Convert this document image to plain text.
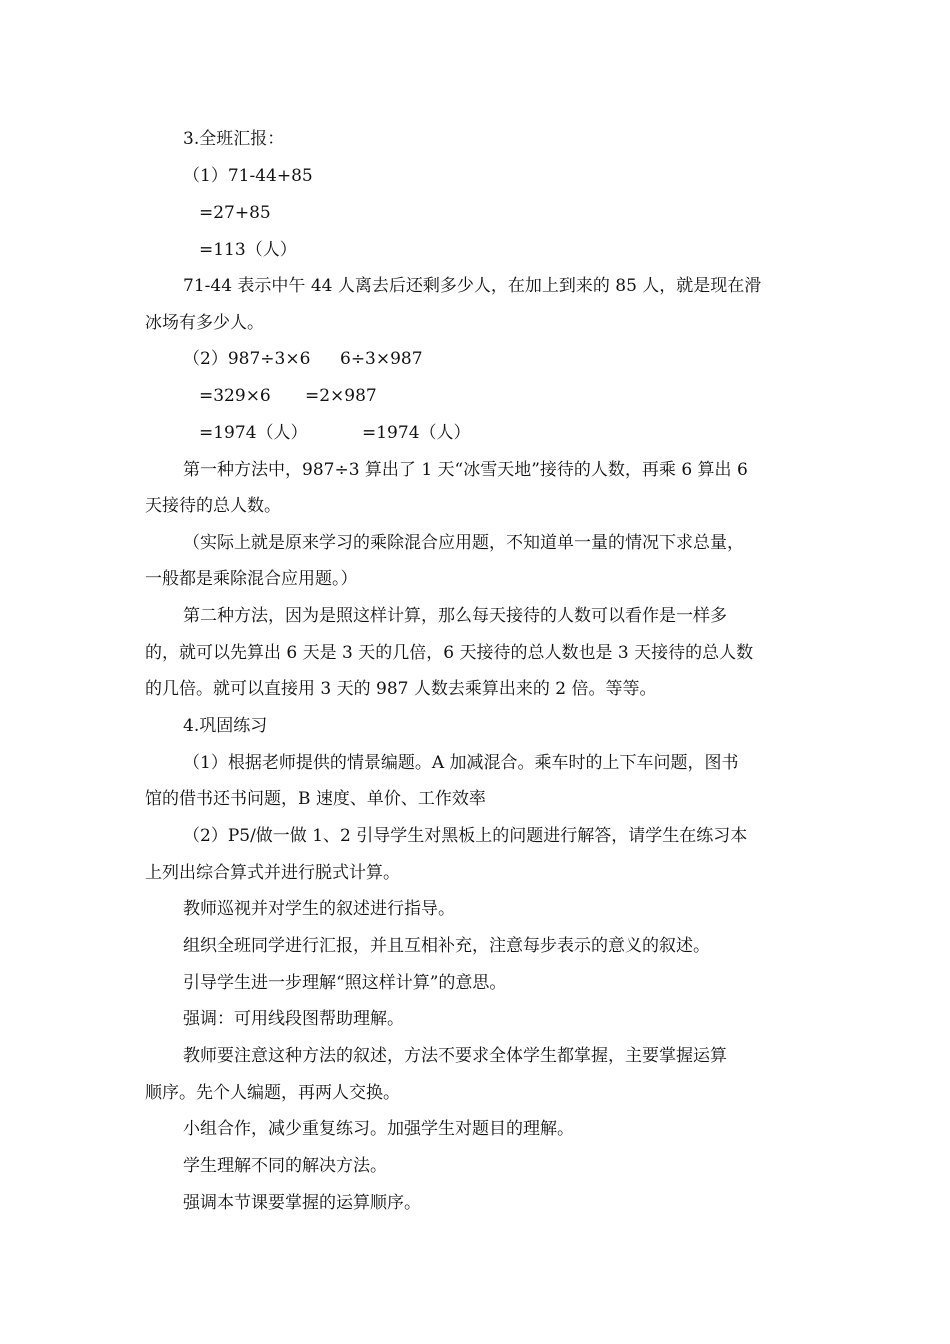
3.全班汇报：
（1）71-44+85
=27+85
=113（人）
71-44 表示中午 44 人离去后还剩多少人，在加上到来的 85 人，就是现在滑
冰场有多少人。
（2）987÷3×6 6÷3×987
=329×6 =2×987
=1974（人）	=1974（人）
第一种方法中，987÷3 算出了 1 天“冰雪天地”接待的人数，再乘 6 算出 6
天接待的总人数。
（实际上就是原来学习的乘除混合应用题，不知道单一量的情况下求总量，
一般都是乘除混合应用题。）
第二种方法，因为是照这样计算，那么每天接待的人数可以看作是一样多
的，就可以先算出 6 天是 3 天的几倍，6 天接待的总人数也是 3 天接待的总人数
的几倍。就可以直接用 3 天的 987 人数去乘算出来的 2 倍。等等。
4.巩固练习
（1）根据老师提供的情景编题。A 加减混合。乘车时的上下车问题，图书
馆的借书还书问题，B 速度、单价、工作效率
（2）P5/做一做 1、2 引导学生对黑板上的问题进行解答，请学生在练习本
上列出综合算式并进行脱式计算。
教师巡视并对学生的叙述进行指导。
组织全班同学进行汇报，并且互相补充，注意每步表示的意义的叙述。
引导学生进一步理解“照这样计算”的意思。
强调：可用线段图帮助理解。
教师要注意这种方法的叙述，方法不要求全体学生都掌握，主要掌握运算
顺序。先个人编题，再两人交换。
小组合作，减少重复练习。加强学生对题目的理解。
学生理解不同的解决方法。
强调本节课要掌握的运算顺序。
